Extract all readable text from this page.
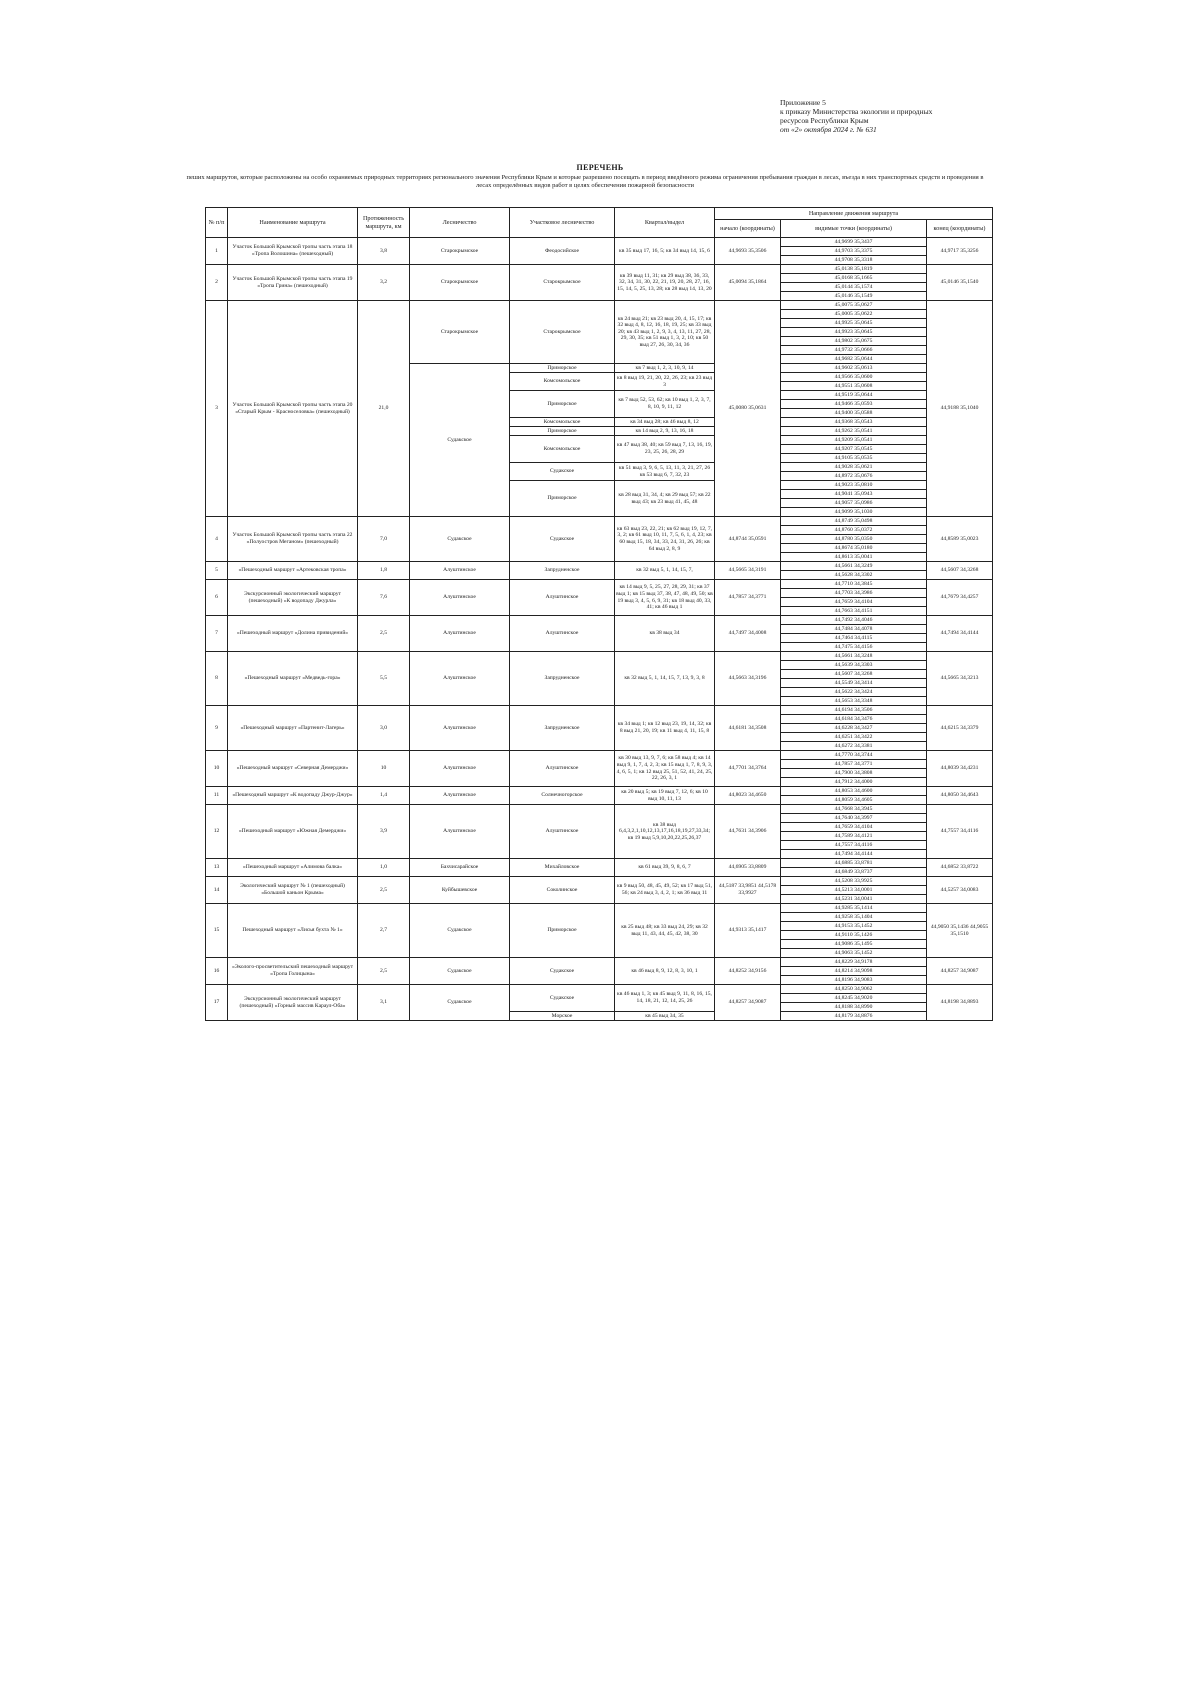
Приложение 5
к приказу Министерства экологии и природных
ресурсов Республики Крым
от «2» октября 2024 г. № 631
ПЕРЕЧЕНЬ
пеших маршрутов, которые расположены на особо охраняемых природных территориях регионального значения Республики Крым и которые разрешено посещать в период введённого режима ограничения пребывания граждан в лесах, въезда в них транспортных средств и проведения в лесах определённых видов работ в целях обеспечения пожарной безопасности
№ п/п	Наименование маршрута	Протяженность маршрута, км	Лесничество	Участковое лесничество	Квартал/выдел	Направление движения маршрута		
						начало (координаты)	видимые точки (координаты)	конец (координаты)
1	Участок Большой Крымской тропы часть этапа 18 «Тропа Волошина» (пешеходный)	3,8	Старокрымское	Феодосийское	кв 35 выд 17, 16, 5; кв 34 выд 14, 15, 6	44,9693 35,3506	44,9699 35,3437	44,9717 35,3256
							44,9703 35,3375	
							44,9708 35,3318	
2	Участок Большой Крымской тропы часть этапа 19 «Тропа Грина» (пешеходный)	3,2	Старокрымское	Старокрымское	кв 39 выд 11, 31; кв 29 выд 38, 36, 33, 32, 34, 31, 30, 22, 21, 19, 20, 28, 27, 16, 15, 14, 5, 25, 13, 28; кв 28 выд 14, 13, 20	45,0094 35,1864	45,0138 35,1819	45,0146 35,1540
							45,0168 35,1665	
							45,0144 35,1574	
							45,0146 35,1549	
3	Участок Большой Крымской тропы часть этапа 20 «Старый Крым - Красноселовка» (пешеходный)	21,0	Старокрымское	Старокрымское	кв 24 выд 21; кв 23 выд 20, 4, 15, 17; кв 32 выд 4, 8, 12, 16, 18, 19, 25; кв 33 выд 20; кв 43 выд 1, 2, 9, 3, 4, 13, 11, 27, 28, 29, 30, 35; кв 51 выд 1, 3, 2, 10; кв 50 выд 27, 26, 30, 34, 36	45,0080 35,0631	45,0075 35,0627	44,9188 35,1040
							45,0005 35,0622	
							44,9925 35,0645	
							44,9923 35,0645	
							44,9802 35,0675	
							44,9732 35,0666	
							44,9682 35,0644	
			Судакское	Приморское	кв 7 выд 1, 2, 3, 10, 9, 14		44,9602 35,0613	
				Комсомольское	кв 8 выд 19, 21, 20, 22, 26, 23; кв 23 выд 3		44,9566 35,0600	
							44,9551 35,0608	
				Приморское	кв 7 выд 52, 53, 62; кв 10 выд 1, 2, 3, 7, 8, 10, 9, 11, 12		44,9519 35,0644	
							44,9466 35,0593	
							44,9400 35,0588	
				Комсомольское	кв 34 выд 28; кв 46 выд 8, 12		44,9368 35,0543	
				Приморское	кв 14 выд 2, 9, 13, 16, 18		44,9262 35,0541	
				Комсомольское	кв 47 выд 38, 40; кв 59 выд 7, 13, 16, 19, 23, 25, 26, 28, 29		44,9209 35,0541	
							44,9207 35,0545	
							44,9105 35,0535	
				Судакское	кв 51 выд 3, 9, 6, 5, 13, 11, 3, 21, 27, 26 кв 53 выд 6, 7, 32, 23		44,9028 35,0621	
							44,8972 35,0676	
				Приморское	кв 28 выд 31, 34, 4; кв 29 выд 57; кв 22 выд 43; кв 23 выд 41, 45, 48		44,9023 35,0810	
							44,9041 35,0943	
							44,9057 35,0986	
							44,9099 35,1030	
4	Участок Большой Крымской тропы часть этапа 22 «Полуостров Меганом» (пешеходный)	7,0	Судакское	Судакское	кв 63 выд 23, 22, 21; кв 62 выд 19, 12, 7, 3, 2; кв 61 выд 10, 11, 7, 5, 6, 1, 4, 23; кв 60 выд 15, 18, 34, 33, 24, 31, 26, 26; кв 64 выд 2, 8, 9	44,8744 35,0591	44,8749 35,0498	44,8589 35,0023
							44,8760 35,0372	
							44,8780 35,0350	
							44,8674 35,0180	
							44,8613 35,0041	
5	«Пешеходный маршрут «Артековская тропа»	1,8	Алуштинское	Запрудненское	кв 32 выд 5, 1, 14, 15, 7,	44,5665 34,3191	44,5661 34,3249	44,5607 34,3268
							44,5628 34,3302	
6	Экскурсионный экологический маршрут (пешеходный) «К водопаду Джурла»	7,6	Алуштинское	Алуштинское	кв 14 выд 9, 5, 25, 27, 28, 29, 31; кв 37 выд 1; кв 15 выд 37, 38, 47, 48, 49, 50; кв 19 выд 3, 4, 5, 6, 9, 31; кв 18 выд 40, 33, 41; кв 46 выд 1	44,7857 34,3771	44,7710 34,3845	44,7679 34,4257
							44,7703 34,3986	
							44,7659 34,4104	
							44,7663 34,4151	
7	«Пешеходный маршрут «Долина привидений»	2,5	Алуштинское	Алуштинское	кв 38 выд 34	44,7497 34,4008	44,7492 34,4046	44,7494 34,4144
							44,7484 34,4078	
							44,7464 34,4115	
							44,7475 34,4156	
8	«Пешеходный маршрут «Медведь-гора»	5,5	Алуштинское	Запрудненское	кв 32 выд 5, 1, 14, 15, 7, 13, 9, 3, 8	44,5663 34,3196	44,5661 34,3248	44,5665 34,3213
							44,5639 34,3303	
							44,5607 34,3268	
							44,5549 34,3414	
							44,5622 34,3424	
							44,5653 34,3348	
9	«Пешеходный маршрут «Партенит-Лагерь»	3,0	Алуштинское	Запрудненское	кв 34 выд 1; кв 12 выд 23, 19, 14, 32; кв 8 выд 21, 20, 19; кв 11 выд 4, 11, 15, 8	44,6181 34,3508	44,6194 34,3506	44,6215 34,3379
							44,6184 34,3476	
							44,6228 34,3427	
							44,6251 34,3422	
							44,6272 34,3381	
10	«Пешеходный маршрут «Северная Демерджи»	10	Алуштинское	Алуштинское	кв 30 выд 13, 9, 7, 6; кв 58 выд 4; кв 14 выд 9, 1, 7, 4, 2, 3; кв 15 выд 1, 7, 8, 9, 3, 4, 6, 5, 1; кв 12 выд 25, 51, 52, 41, 24, 25, 22, 26, 3, 1	44,7701 34,3764	44,7770 34,3744	44,8039 34,4231
							44,7857 34,3771	
							44,7900 34,3808	
							44,7912 34,4000	
11	«Пешеходный маршрут «К водопаду Джур-Джур»	1,4	Алуштинское	Солнечногорское	кв 20 выд 5; кв 19 выд 7, 12, 6; кв 10 выд 10, 11, 13	44,8023 34,4650	44,8053 34,4600	44,8050 34,4643
							44,8059 34,4605	
12	«Пешеходный маршрут «Южная Демерджи»	3,9	Алуштинское	Алуштинское	кв 38 выд 6,4,3,2,1,10,12,13,17,16,18,19,27,33,34; кв 19 выд 5,9,10,20,22,25,26,37	44,7631 34,3906	44,7668 34,3945	44,7557 34,4116
							44,7640 34,3997	
							44,7659 34,4104	
							44,7589 34,4121	
							44,7557 34,4116	
							44,7494 34,4144	
13	«Пешеходный маршрут «Алимова балка»	1,0	Бахчисарайское	Михайловское	кв 61 выд 39, 9, 8, 6, 7	44,6905 33,8809	44,6885 33,8781	44,6852 33,8722
							44,6849 33,8737	
14	Экологический маршрут № 1 (пешеходный) «Большой каньон Крыма»	2,5	Куйбышевское	Соколинское	кв 9 выд 50, 48, 45, 49, 52; кв 17 выд 51, 56; кв 24 выд 3, 4, 2, 1; кв 36 выд 11	44,5187 33,9851 44,5178 33,9927	44,5208 33,9925	44,5257 34,0083
							44,5213 34,0001	
							44,5231 34,0041	
15	Пешеходный маршрут «Лисья бухта № 1»	2,7	Судакское	Приморское	кв 25 выд 48; кв 33 выд 24, 29; кв 32 выд 11, 43, 44, 45, 42, 38, 30	44,9313 35,1417	44,9285 35,1414	44,9050 35,1436 44,9055 35,1510
							44,9258 35,1404	
							44,9153 35,1452	
							44,9110 35,1426	
							44,9086 35,1495	
							44,9063 35,1452	
16	«Эколого-просветительский пешеходный маршрут «Тропа Голицына»	2,5	Судакское	Судакское	кв 46 выд 8, 9, 12, 8, 3, 10, 1	44,8252 34,9156	44,8229 34,9178	44,8257 34,9087
							44,8214 34,9098	
							44,8196 34,9083	
17	Экскурсионный экологический маршрут (пешеходный) «Горный массив Караул-Оба»	3,1	Судакское	Судакское	кв 46 выд 1, 3; кв 45 выд 9, 11, 8, 16, 15, 14, 18, 21, 12, 14, 25, 26	44,8257 34,9087	44,8250 34,9062	44,8198 34,8893
							44,8245 34,9020	
							44,8188 34,8990	
				Морское	кв 45 выд 34, 35		44,8179 34,8876	
